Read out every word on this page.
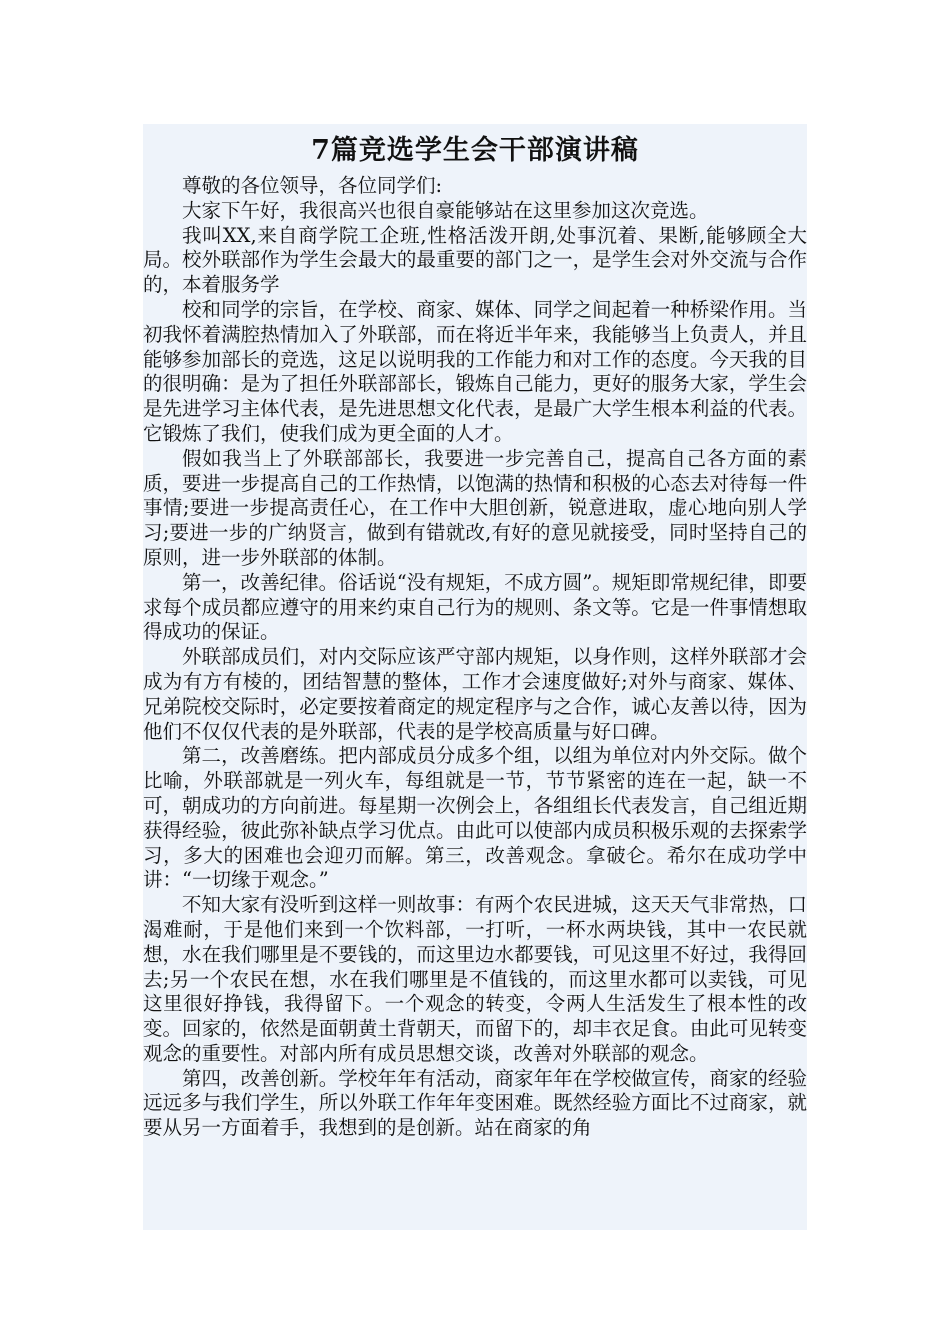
7篇竞选学生会干部演讲稿

尊敬的各位领导，各位同学们:

大家下午好，我很高兴也很自豪能够站在这里参加这次竞选。

我叫XX,来自商学院工企班,性格活泼开朗,处事沉着、果断,能够顾全大局。校外联部作为学生会最大的最重要的部门之一，是学生会对外交流与合作的，本着服务学

校和同学的宗旨，在学校、商家、媒体、同学之间起着一种桥梁作用。当初我怀着满腔热情加入了外联部，而在将近半年来，我能够当上负责人，并且能够参加部长的竞选，这足以说明我的工作能力和对工作的态度。今天我的目的很明确：是为了担任外联部部长，锻炼自己能力，更好的服务大家，学生会是先进学习主体代表，是先进思想文化代表，是最广大学生根本利益的代表。它锻炼了我们，使我们成为更全面的人才。

假如我当上了外联部部长，我要进一步完善自己，提高自己各方面的素质，要进一步提高自己的工作热情，以饱满的热情和积极的心态去对待每一件事情;要进一步提高责任心，在工作中大胆创新，锐意进取，虚心地向别人学习;要进一步的广纳贤言，做到有错就改,有好的意见就接受，同时坚持自己的原则，进一步外联部的体制。

第一，改善纪律。俗话说“没有规矩，不成方圆”。规矩即常规纪律，即要求每个成员都应遵守的用来约束自己行为的规则、条文等。它是一件事情想取得成功的保证。

外联部成员们，对内交际应该严守部内规矩，以身作则，这样外联部才会成为有方有棱的，团结智慧的整体，工作才会速度做好;对外与商家、媒体、兄弟院校交际时，必定要按着商定的规定程序与之合作，诚心友善以待，因为他们不仅仅代表的是外联部，代表的是学校高质量与好口碑。

第二，改善磨练。把内部成员分成多个组，以组为单位对内外交际。做个比喻，外联部就是一列火车，每组就是一节，节节紧密的连在一起，缺一不可，朝成功的方向前进。每星期一次例会上，各组组长代表发言，自己组近期获得经验，彼此弥补缺点学习优点。由此可以使部内成员积极乐观的去探索学习，多大的困难也会迎刃而解。第三，改善观念。拿破仑。希尔在成功学中讲：“一切缘于观念。”

不知大家有没听到这样一则故事：有两个农民进城，这天天气非常热，口渴难耐，于是他们来到一个饮料部，一打听，一杯水两块钱，其中一农民就想，水在我们哪里是不要钱的，而这里边水都要钱，可见这里不好过，我得回去;另一个农民在想，水在我们哪里是不值钱的，而这里水都可以卖钱，可见这里很好挣钱，我得留下。一个观念的转变，令两人生活发生了根本性的改变。回家的，依然是面朝黄土背朝天，而留下的，却丰衣足食。由此可见转变观念的重要性。对部内所有成员思想交谈，改善对外联部的观念。

第四，改善创新。学校年年有活动，商家年年在学校做宣传，商家的经验远远多与我们学生，所以外联工作年年变困难。既然经验方面比不过商家，就要从另一方面着手，我想到的是创新。站在商家的角
